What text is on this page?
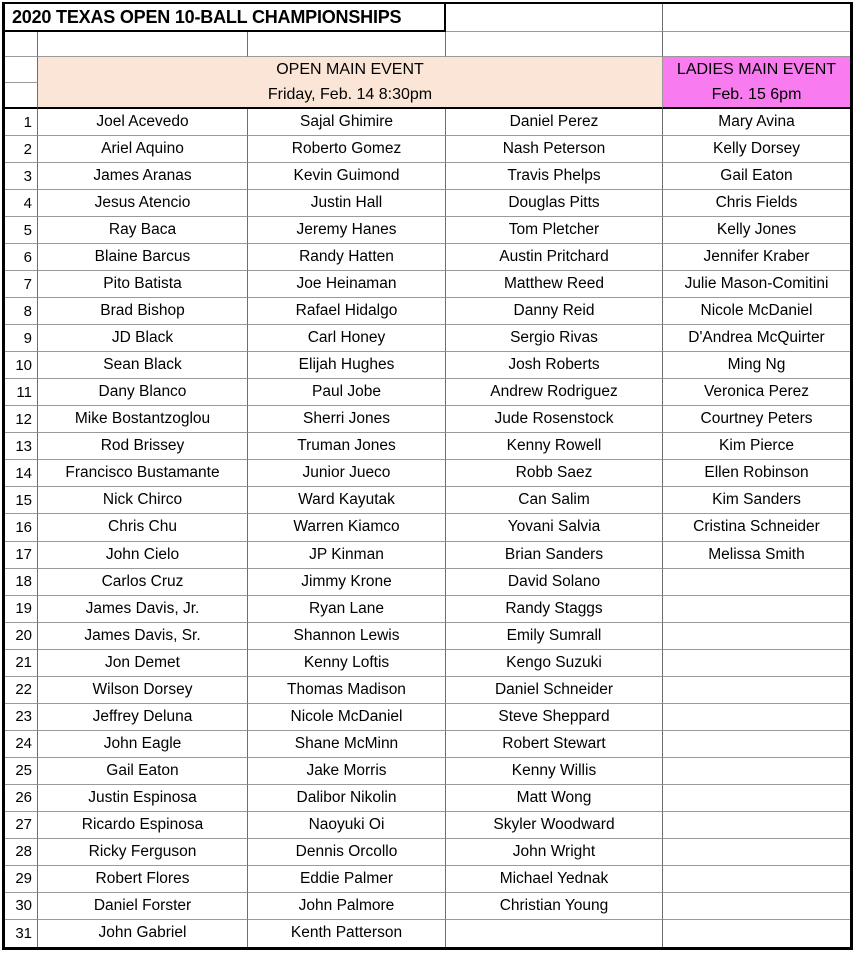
2020 TEXAS OPEN 10-BALL CHAMPIONSHIPS
OPEN MAIN EVENT
Friday, Feb. 14 8:30pm
LADIES MAIN EVENT
Feb. 15 6pm
1	Joel Acevedo	Sajal Ghimire	Daniel Perez	Mary Avina
2	Ariel Aquino	Roberto Gomez	Nash Peterson	Kelly Dorsey
3	James Aranas	Kevin Guimond	Travis Phelps	Gail Eaton
4	Jesus Atencio	Justin Hall	Douglas Pitts	Chris Fields
5	Ray Baca	Jeremy Hanes	Tom Pletcher	Kelly Jones
6	Blaine Barcus	Randy Hatten	Austin Pritchard	Jennifer Kraber
7	Pito Batista	Joe Heinaman	Matthew Reed	Julie Mason-Comitini
8	Brad Bishop	Rafael Hidalgo	Danny Reid	Nicole McDaniel
9	JD Black	Carl Honey	Sergio Rivas	D'Andrea McQuirter
10	Sean Black	Elijah Hughes	Josh Roberts	Ming Ng
11	Dany Blanco	Paul Jobe	Andrew Rodriguez	Veronica Perez
12	Mike Bostantzoglou	Sherri Jones	Jude Rosenstock	Courtney Peters
13	Rod Brissey	Truman Jones	Kenny Rowell	Kim Pierce
14	Francisco Bustamante	Junior Jueco	Robb Saez	Ellen Robinson
15	Nick Chirco	Ward Kayutak	Can Salim	Kim Sanders
16	Chris Chu	Warren Kiamco	Yovani Salvia	Cristina Schneider
17	John Cielo	JP Kinman	Brian Sanders	Melissa Smith
18	Carlos Cruz	Jimmy Krone	David Solano
19	James Davis, Jr.	Ryan Lane	Randy Staggs
20	James Davis, Sr.	Shannon Lewis	Emily Sumrall
21	Jon Demet	Kenny Loftis	Kengo Suzuki
22	Wilson Dorsey	Thomas Madison	Daniel Schneider
23	Jeffrey Deluna	Nicole McDaniel	Steve Sheppard
24	John Eagle	Shane McMinn	Robert Stewart
25	Gail Eaton	Jake Morris	Kenny Willis
26	Justin Espinosa	Dalibor Nikolin	Matt Wong
27	Ricardo Espinosa	Naoyuki Oi	Skyler Woodward
28	Ricky Ferguson	Dennis Orcollo	John Wright
29	Robert Flores	Eddie Palmer	Michael Yednak
30	Daniel Forster	John Palmore	Christian Young
31	John Gabriel	Kenth Patterson
